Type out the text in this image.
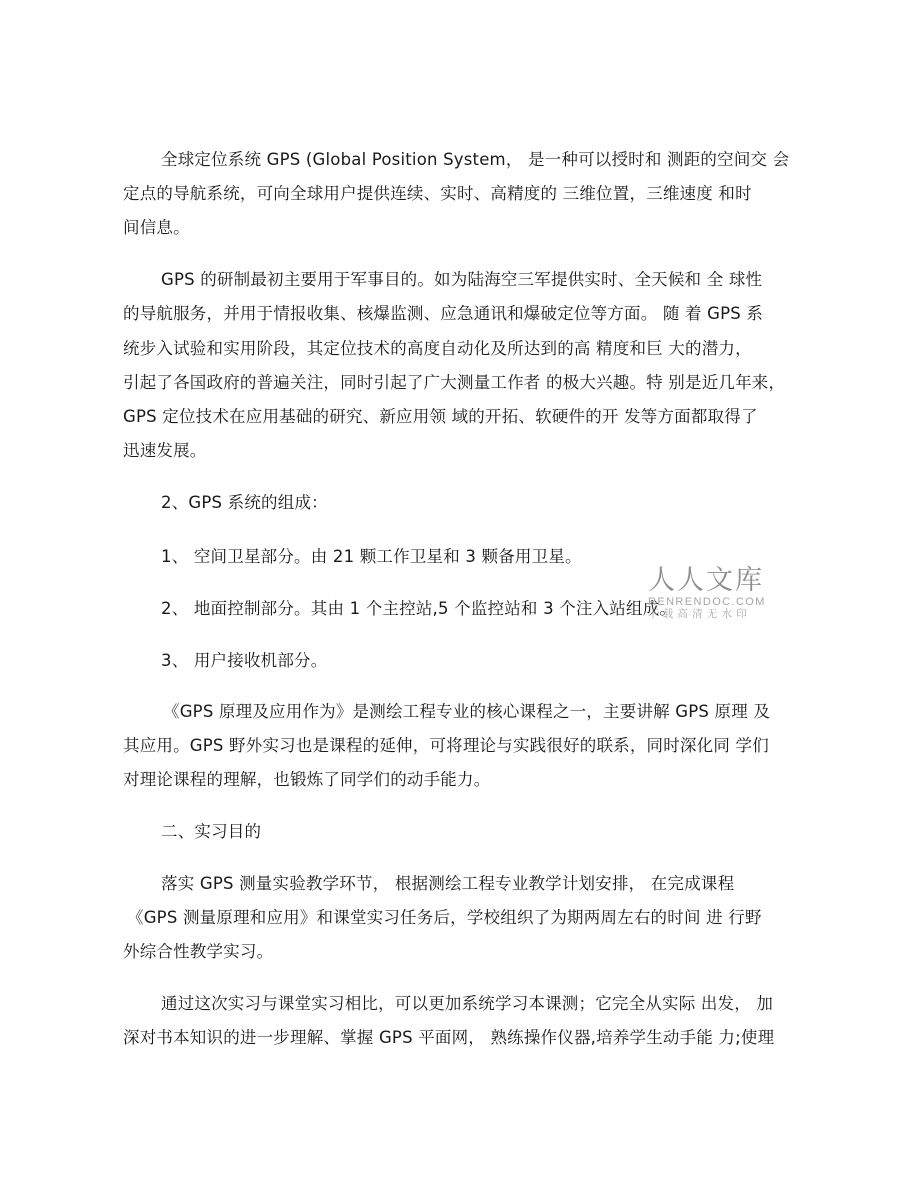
全球定位系统 GPS (Global Position System， 是一种可以授时和 测距的空间交 会
定点的导航系统，可向全球用户提供连续、实时、高精度的 三维位置，三维速度 和时
间信息。
GPS 的研制最初主要用于军事目的。如为陆海空三军提供实时、全天候和 全 球性
的导航服务，并用于情报收集、核爆监测、应急通讯和爆破定位等方面。 随 着 GPS 系
统步入试验和实用阶段，其定位技术的高度自动化及所达到的高 精度和巨 大的潜力，
引起了各国政府的普遍关注，同时引起了广大测量工作者 的极大兴趣。特 别是近几年来，
GPS 定位技术在应用基础的研究、新应用领 域的开拓、软硬件的开 发等方面都取得了
迅速发展。
2、GPS 系统的组成：
1、 空间卫星部分。由 21 颗工作卫星和 3 颗备用卫星。
2、 地面控制部分。其由 1 个主控站,5 个监控站和 3 个注入站组成。
3、 用户接收机部分。
《GPS 原理及应用作为》是测绘工程专业的核心课程之一，主要讲解 GPS 原理 及
其应用。GPS 野外实习也是课程的延伸，可将理论与实践很好的联系，同时深化同 学们
对理论课程的理解，也锻炼了同学们的动手能力。
二、实习目的
落实 GPS 测量实验教学环节， 根据测绘工程专业教学计划安排， 在完成课程
《GPS 测量原理和应用》和课堂实习任务后，学校组织了为期两周左右的时间 进 行野
外综合性教学实习。
通过这次实习与课堂实习相比，可以更加系统学习本课测；它完全从实际 出发， 加
深对书本知识的进一步理解、掌握 GPS 平面网， 熟练操作仪器,培养学生动手能 力;使理
人人文库
RENRENDOC.COM
下载高清无水印
